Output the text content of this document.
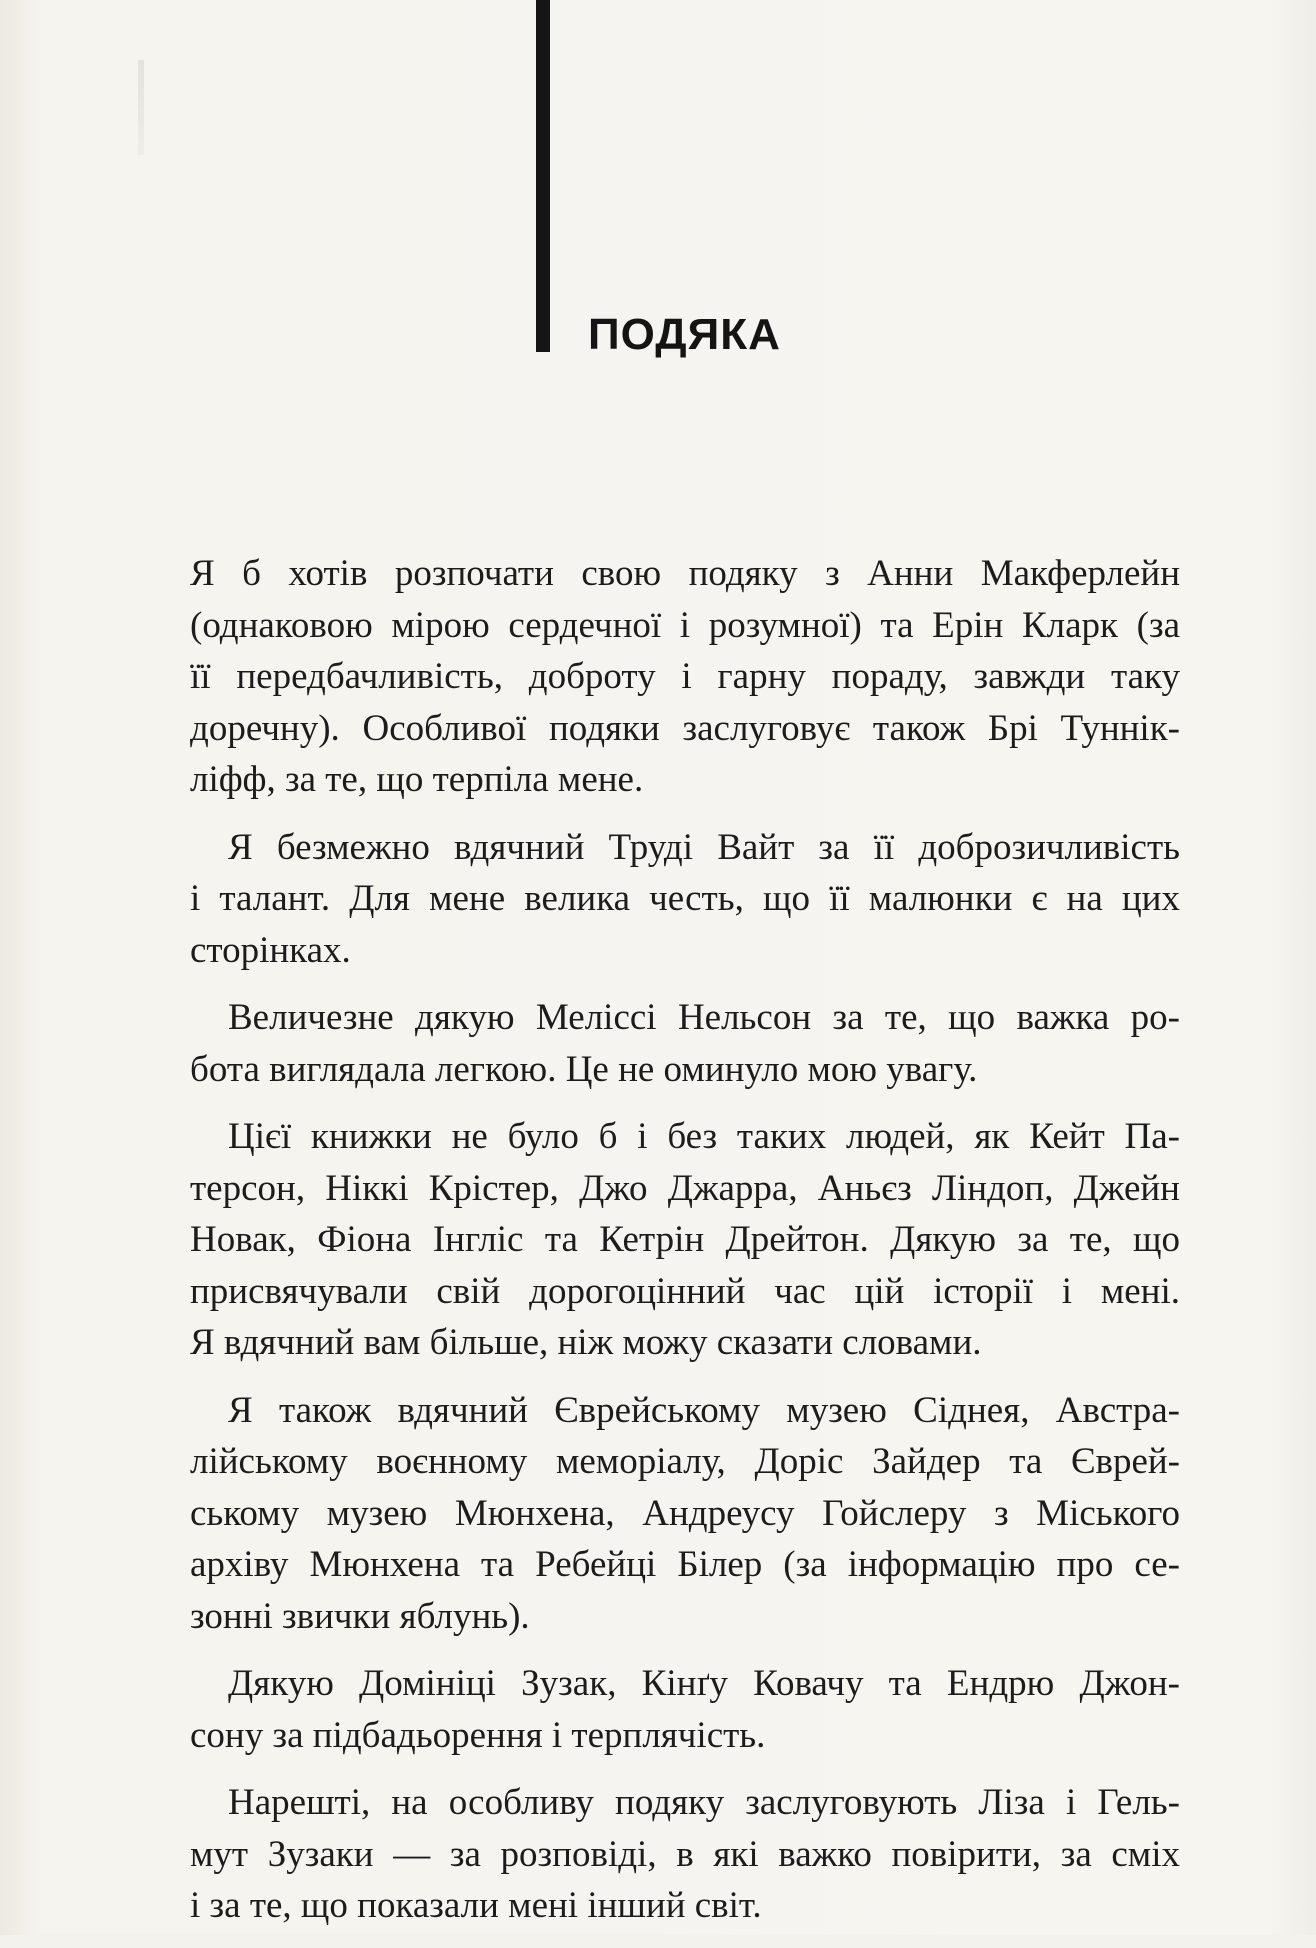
ПОДЯКА

Я б хотів розпочати свою подяку з Анни Макферлейн
(однаковою мірою сердечної і розумної) та Ерін Кларк (за
її передбачливість, доброту і гарну пораду, завжди таку
доречну). Особливої подяки заслуговує також Брі Туннік-
ліфф, за те, що терпіла мене.

Я безмежно вдячний Труді Вайт за її доброзичливість
і талант. Для мене велика честь, що її малюнки є на цих
сторінках.

Величезне дякую Меліссі Нельсон за те, що важка ро-
бота виглядала легкою. Це не оминуло мою увагу.

Цієї книжки не було б і без таких людей, як Кейт Па-
терсон, Ніккі Крістер, Джо Джарра, Аньєз Ліндоп, Джейн
Новак, Фіона Інгліс та Кетрін Дрейтон. Дякую за те, що
присвячували свій дорогоцінний час цій історії і мені.
Я вдячний вам більше, ніж можу сказати словами.

Я також вдячний Єврейському музею Сіднея, Австра-
лійському воєнному меморіалу, Доріс Зайдер та Єврей-
ському музею Мюнхена, Андреусу Гойслеру з Міського
архіву Мюнхена та Ребейці Білер (за інформацію про се-
зонні звички яблунь).

Дякую Домініці Зузак, Кінґу Ковачу та Ендрю Джон-
сону за підбадьорення і терплячість.

Нарешті, на особливу подяку заслуговують Ліза і Гель-
мут Зузаки — за розповіді, в які важко повірити, за сміх
і за те, що показали мені інший світ.
